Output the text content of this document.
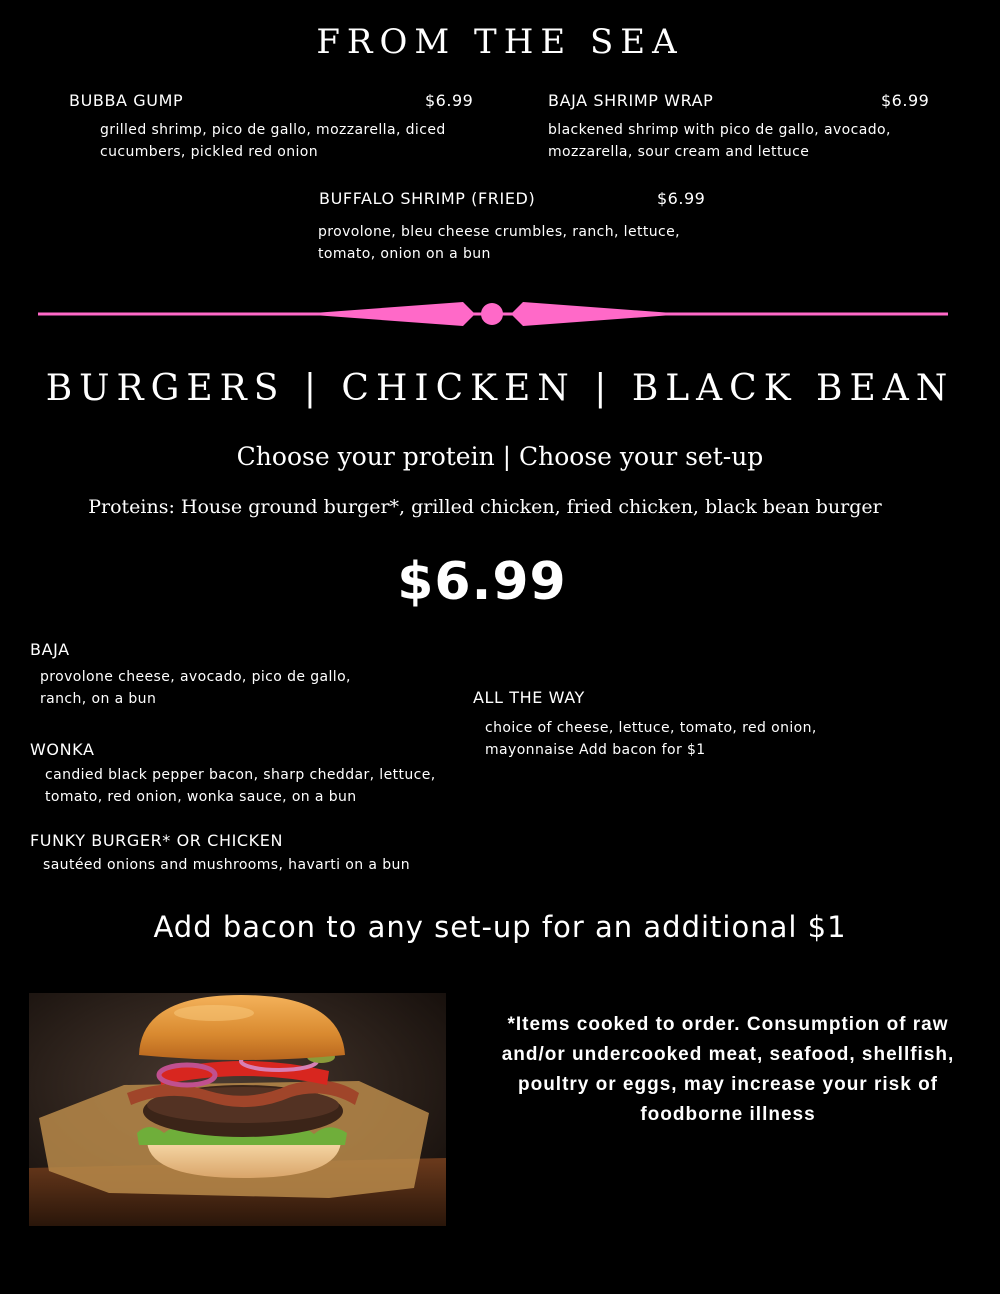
FROM THE SEA
BUBBA GUMP	$6.99
grilled shrimp, pico de gallo, mozzarella, diced
cucumbers, pickled red onion
BAJA SHRIMP WRAP	$6.99
blackened shrimp with pico de gallo, avocado,
mozzarella, sour cream and lettuce
BUFFALO SHRIMP (FRIED)	$6.99
provolone, bleu cheese crumbles, ranch, lettuce,
tomato, onion on a bun
BURGERS | CHICKEN | BLACK BEAN
Choose your protein | Choose your set-up
Proteins: House ground burger*, grilled chicken, fried chicken, black bean burger
$6.99
BAJA
provolone cheese, avocado, pico de gallo,
ranch, on a bun
WONKA
candied black pepper bacon, sharp cheddar, lettuce,
tomato, red onion, wonka sauce, on a bun
FUNKY BURGER* OR CHICKEN
sautéed onions and mushrooms, havarti on a bun
ALL THE WAY
choice of cheese, lettuce, tomato, red onion,
mayonnaise Add bacon for $1
Add bacon to any set-up for an additional $1
*Items cooked to order. Consumption of raw
and/or undercooked meat, seafood, shellfish,
poultry or eggs, may increase your risk of
foodborne illness
